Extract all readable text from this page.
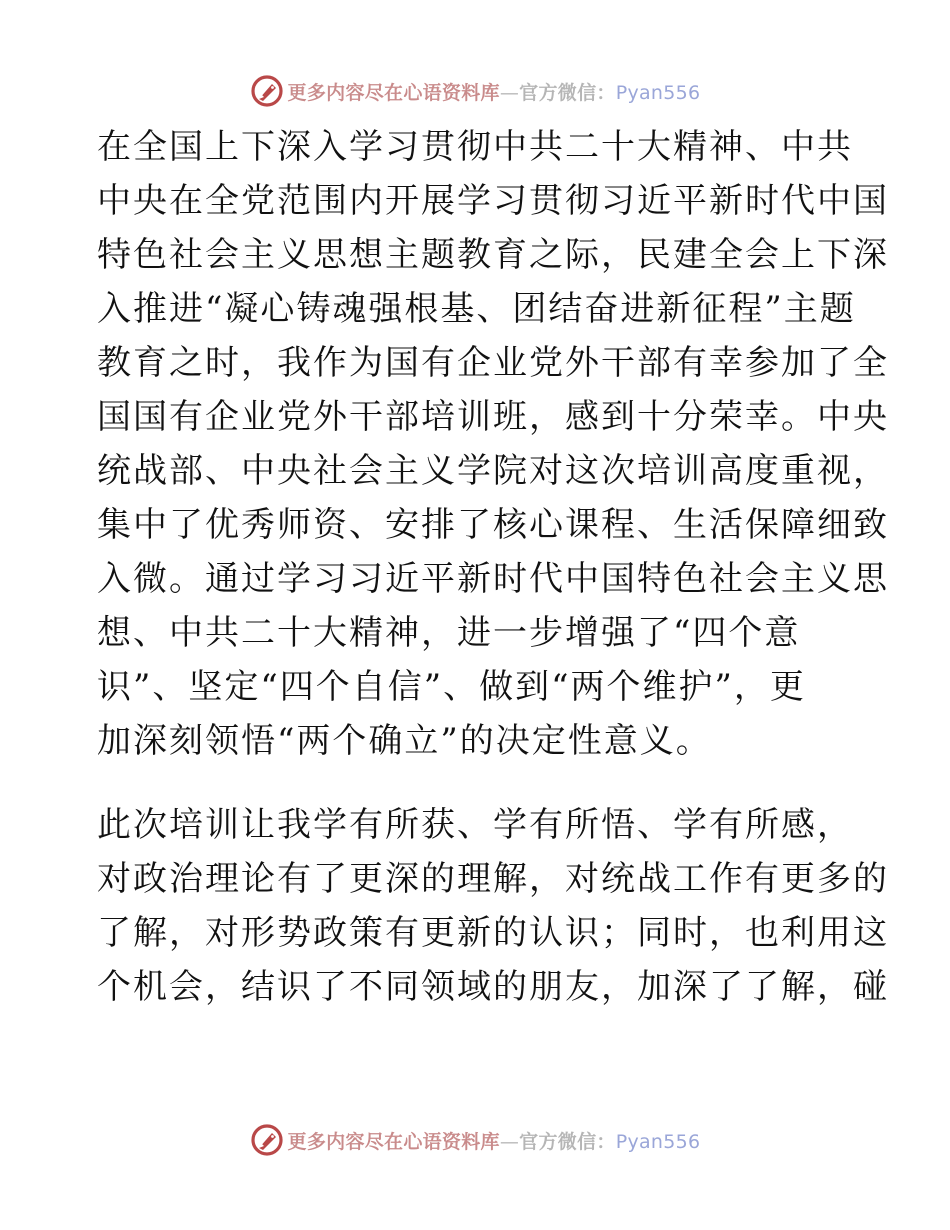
更多内容尽在心语资料库—官方微信：Pyan556

在全国上下深入学习贯彻中共二十大精神、中共
中央在全党范围内开展学习贯彻习近平新时代中国
特色社会主义思想主题教育之际，民建全会上下深
入推进“凝心铸魂强根基、团结奋进新征程”主题
教育之时，我作为国有企业党外干部有幸参加了全
国国有企业党外干部培训班，感到十分荣幸。中央
统战部、中央社会主义学院对这次培训高度重视，
集中了优秀师资、安排了核心课程、生活保障细致
入微。通过学习习近平新时代中国特色社会主义思
想、中共二十大精神，进一步增强了“四个意
识”、坚定“四个自信”、做到“两个维护”，更
加深刻领悟“两个确立”的决定性意义。

此次培训让我学有所获、学有所悟、学有所感，
对政治理论有了更深的理解，对统战工作有更多的
了解，对形势政策有更新的认识；同时，也利用这
个机会，结识了不同领域的朋友，加深了了解，碰

更多内容尽在心语资料库—官方微信：Pyan556
